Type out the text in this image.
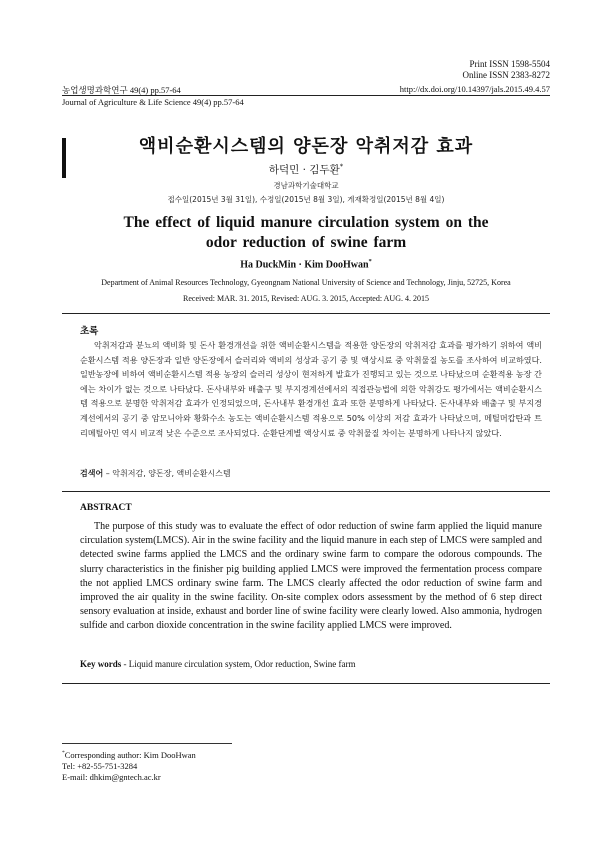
Print ISSN 1598-5504
Online ISSN 2383-8272
농업생명과학연구 49(4) pp.57-64	http://dx.doi.org/10.14397/jals.2015.49.4.57
Journal of Agriculture & Life Science 49(4) pp.57-64
액비순환시스템의 양돈장 악취저감 효과
하덕민 · 김두환*
경남과학기술대학교
접수일(2015년 3월 31일), 수정일(2015년 8월 3일), 게재확정일(2015년 8월 4일)
The effect of liquid manure circulation system on the
odor reduction of swine farm
Ha DuckMin · Kim DooHwan*
Department of Animal Resources Technology, Gyeongnam National University of Science and Technology, Jinju, 52725, Korea
Received: MAR. 31. 2015, Revised: AUG. 3. 2015, Accepted: AUG. 4. 2015
초록
악취저감과 분뇨의 액비화 및 돈사 환경개선을 위한 액비순환시스템을 적용한 양돈장의 악취저감 효과를 평가하기 위하여 액비순환시스템 적용 양돈장과 일반 양돈장에서 슬러리와 액비의 성상과 공기 중 및 액상시료 중 악취물질 농도를 조사하여 비교하였다. 일반농장에 비하여 액비순환시스템 적용 농장의 슬러리 성상이 현저하게 발효가 진행되고 있는 것으로 나타났으며 순환적용 농장 간에는 차이가 없는 것으로 나타났다. 돈사내부와 배출구 및 부지경계선에서의 직접관능법에 의한 악취강도 평가에서는 액비순환시스템 적용으로 분명한 악취저감 효과가 인정되었으며, 돈사내부 환경개선 효과 또한 분명하게 나타났다. 돈사내부와 배출구 및 부지경계선에서의 공기 중 암모니아와 황화수소 농도는 액비순환시스템 적용으로 50% 이상의 저감 효과가 나타났으며, 메틸머캅탄과 트리메틸아민 역시 비교적 낮은 수준으로 조사되었다. 순환단계별 액상시료 중 악취물질 차이는 분명하게 나타나지 않았다.
검색어 – 악취저감, 양돈장, 액비순환시스템
ABSTRACT
The purpose of this study was to evaluate the effect of odor reduction of swine farm applied the liquid manure circulation system(LMCS). Air in the swine facility and the liquid manure in each step of LMCS were sampled and detected swine farms applied the LMCS and the ordinary swine farm to compare the odorous compounds. The slurry characteristics in the finisher pig building applied LMCS were improved the fermentation process compare the not applied LMCS ordinary swine farm. The LMCS clearly affected the odor reduction of swine farm and improved the air quality in the swine facility. On-site complex odors assessment by the method of 6 step direct sensory evaluation at inside, exhaust and border line of swine facility were clearly lowed. Also ammonia, hydrogen sulfide and carbon dioxide concentration in the swine facility applied LMCS were improved.
Key words - Liquid manure circulation system, Odor reduction, Swine farm
*Corresponding author: Kim DooHwan
Tel: +82-55-751-3284
E-mail: dhkim@gntech.ac.kr
